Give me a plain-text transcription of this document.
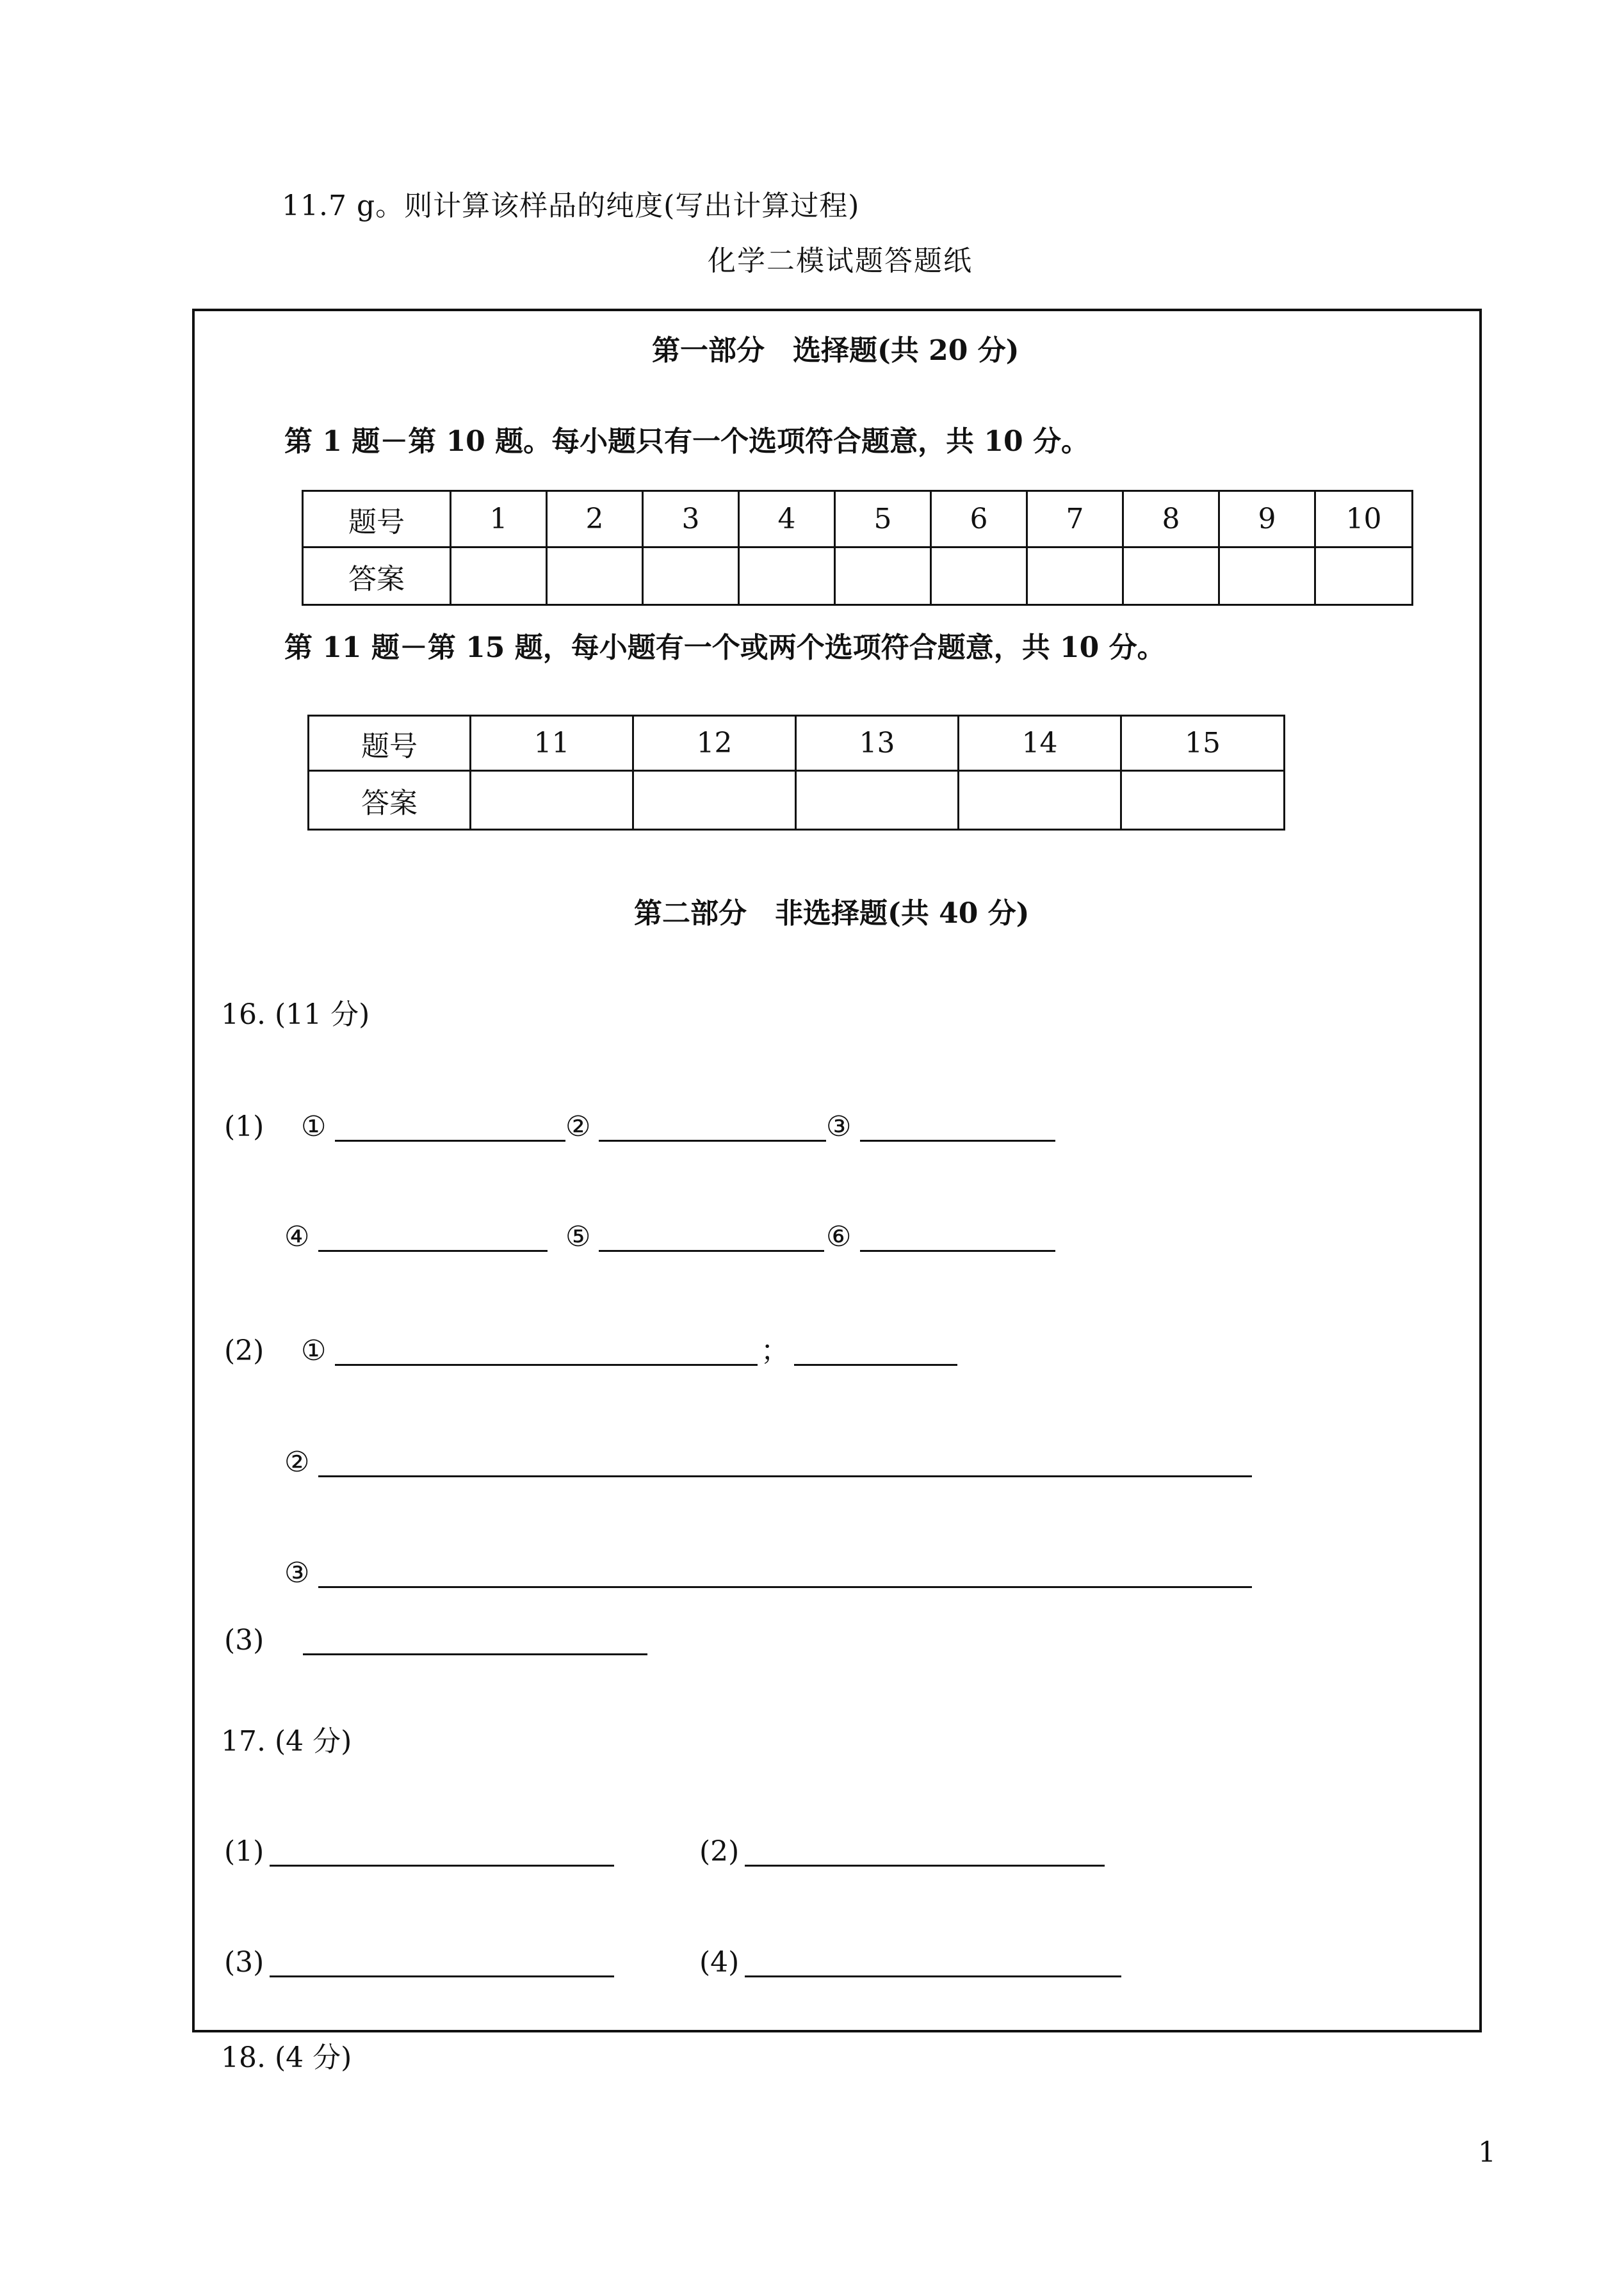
11.7 g。则计算该样品的纯度(写出计算过程)
化学二模试题答题纸
第一部分　选择题(共 20 分)
第 1 题－第 10 题。每小题只有一个选项符合题意，共 10 分。
题号	1	2	3	4	5	6	7	8	9	10
答案										
第 11 题－第 15 题，每小题有一个或两个选项符合题意，共 10 分。
题号	11	12	13	14	15
答案					
第二部分　非选择题(共 40 分)
16. (11 分)
(1) ①	②	③
④	⑤	⑥
(2) ①	；
②
③
(3)
17. (4 分)
(1)	(2)
(3)	(4)
18. (4 分)
1
